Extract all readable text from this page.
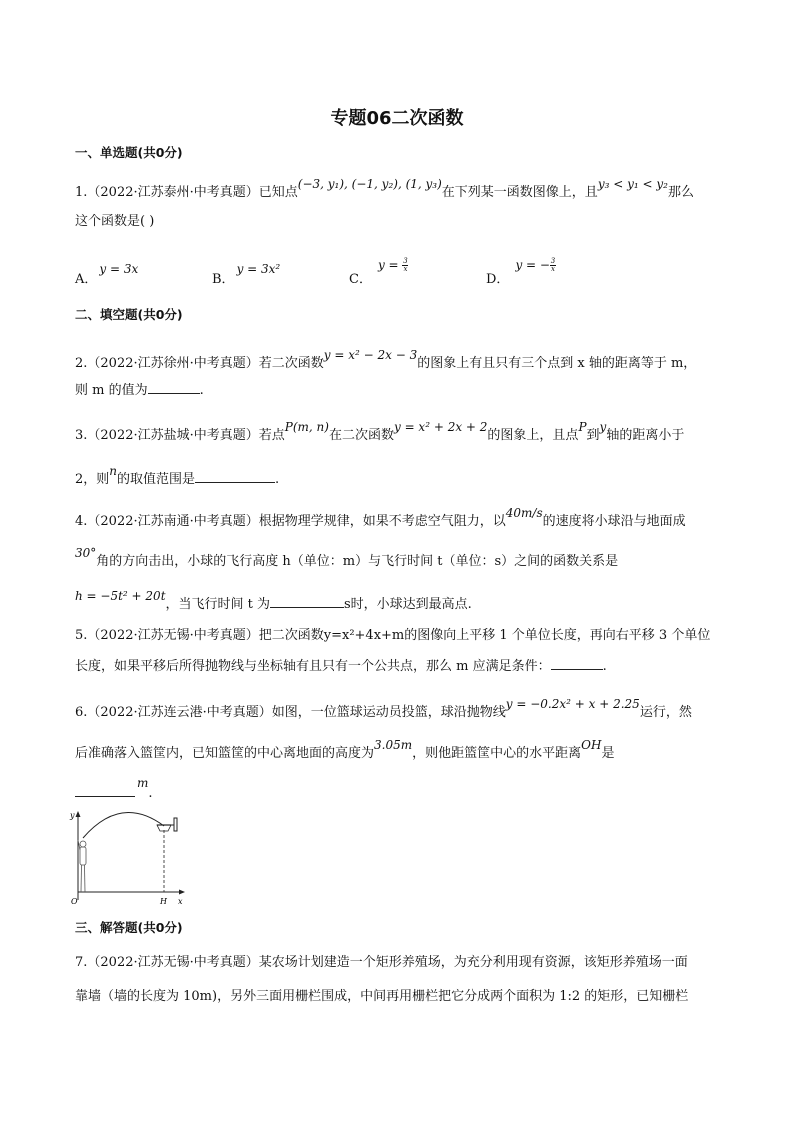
专题06二次函数
一、单选题(共0分)
1.（2022·江苏泰州·中考真题）已知点(−3, y₁), (−1, y₂), (1, y₃)在下列某一函数图像上，且y₃ < y₁ < y₂那么
这个函数是( )
A．y = 3x
B．y = 3x²
C．$y = \frac{3}{x}$
D．y = − $\frac{3}{x}$
二、填空题(共0分)
2.（2022·江苏徐州·中考真题）若二次函数y = x² − 2x − 3的图象上有且只有三个点到 x 轴的距离等于 m，
则 m 的值为	.
3.（2022·江苏盐城·中考真题）若点P(m, n)在二次函数y = x² + 2x + 2的图象上，且点P到y轴的距离小于
2，则n的取值范围是	.
4.（2022·江苏南通·中考真题）根据物理学规律，如果不考虑空气阻力，以40m/s的速度将小球沿与地面成
30°角的方向击出，小球的飞行高度 h（单位：m）与飞行时间 t（单位：s）之间的函数关系是
h = −5t² + 20t，当飞行时间 t 为	s时，小球达到最高点.
5.（2022·江苏无锡·中考真题）把二次函数y=x²+4x+m的图像向上平移 1 个单位长度，再向右平移 3 个单位
长度，如果平移后所得抛物线与坐标轴有且只有一个公共点，那么 m 应满足条件：	.
6.（2022·江苏连云港·中考真题）如图，一位篮球运动员投篮，球沿抛物线y = −0.2x² + x + 2.25运行，然
后准确落入篮筐内，已知篮筐的中心离地面的高度为3.05m，则他距篮筐中心的水平距离OH是
m.
y
x
O	H
三、解答题(共0分)
7.（2022·江苏无锡·中考真题）某农场计划建造一个矩形养殖场，为充分利用现有资源，该矩形养殖场一面
靠墙（墙的长度为 10m)，另外三面用栅栏围成，中间再用栅栏把它分成两个面积为 1:2 的矩形，已知栅栏
